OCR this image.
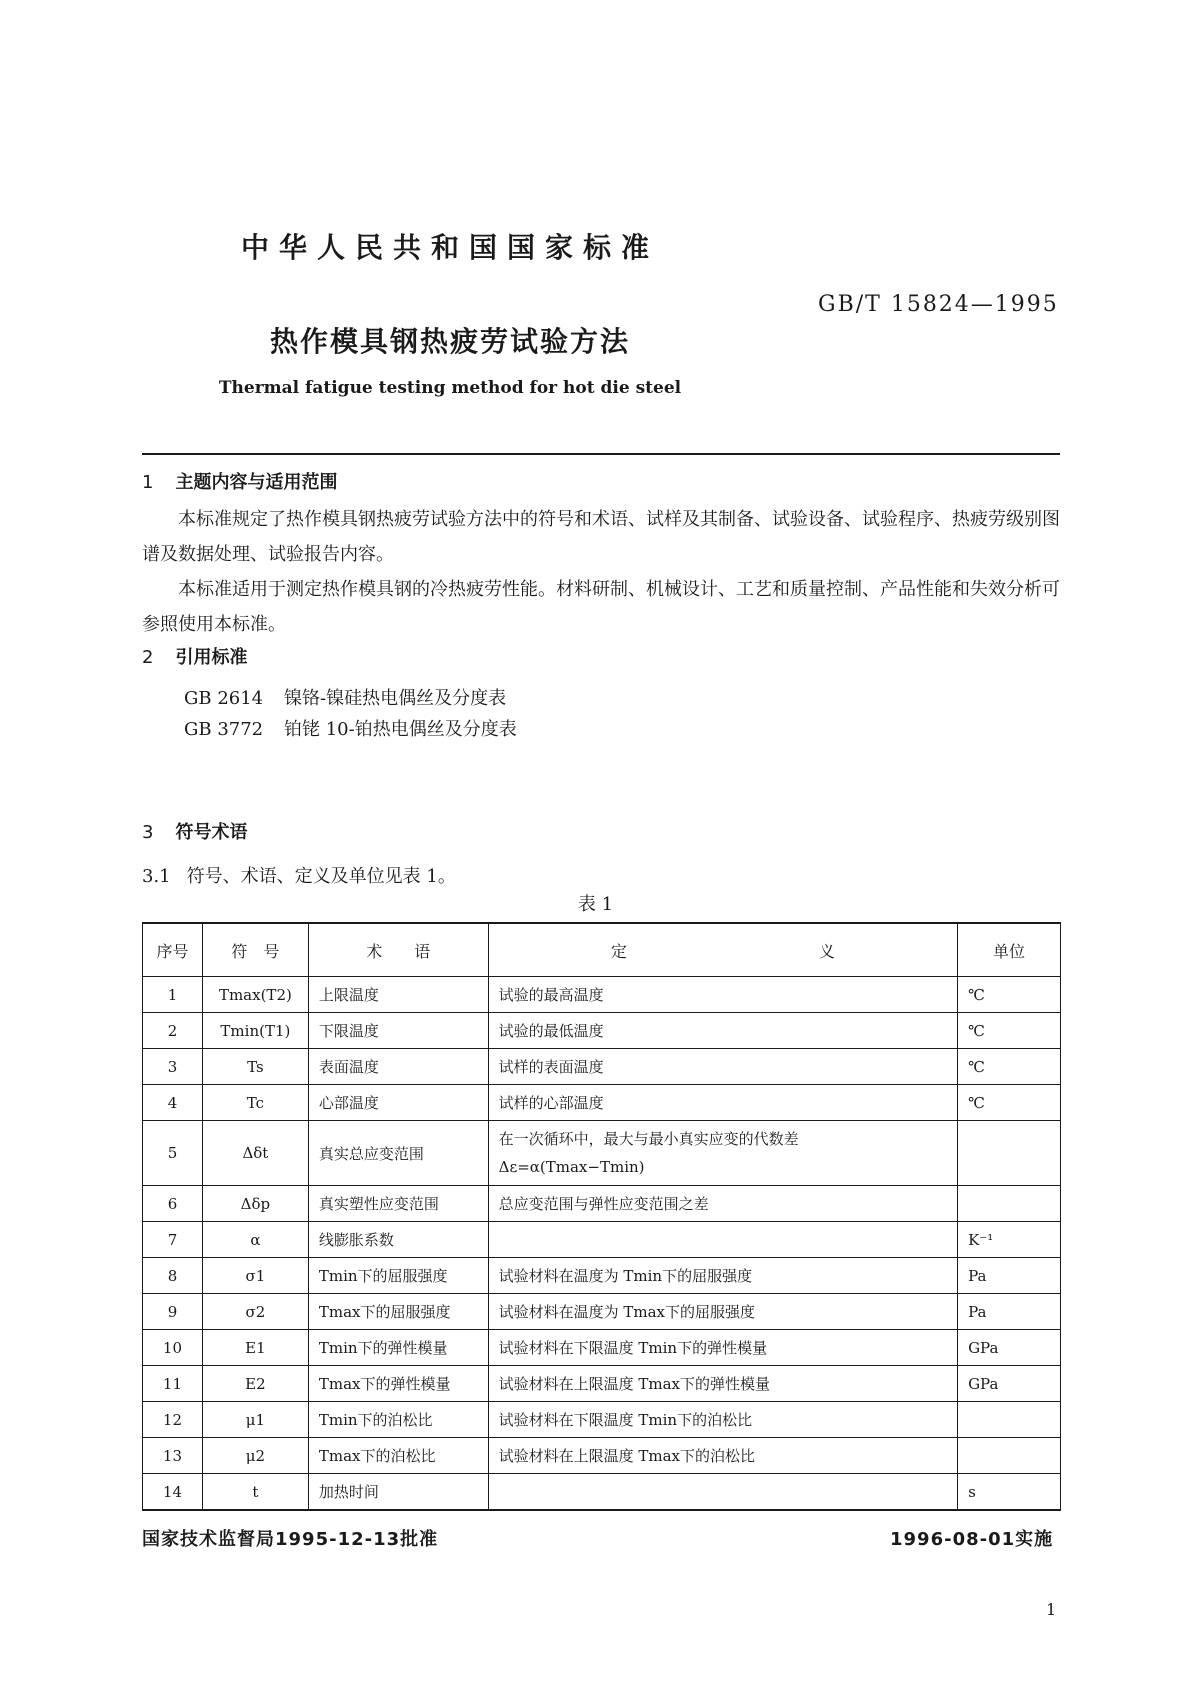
中华人民共和国国家标准
GB/T 15824—1995
热作模具钢热疲劳试验方法
Thermal fatigue testing method for hot die steel
1 主题内容与适用范围
本标准规定了热作模具钢热疲劳试验方法中的符号和术语、试样及其制备、试验设备、试验程序、热疲劳级别图谱及数据处理、试验报告内容。
本标准适用于测定热作模具钢的冷热疲劳性能。材料研制、机械设计、工艺和质量控制、产品性能和失效分析可参照使用本标准。
2 引用标准
GB 2614 镍铬-镍硅热电偶丝及分度表
GB 3772 铂铑 10-铂热电偶丝及分度表
3 符号术语
3.1 符号、术语、定义及单位见表 1。
表 1
序号	符　号	术　　语	定　　　　　　　　　　　　义	单位
1	Tmax(T2)	上限温度	试验的最高温度	℃
2	Tmin(T1)	下限温度	试验的最低温度	℃
3	Ts	表面温度	试样的表面温度	℃
4	Tc	心部温度	试样的心部温度	℃
5	Δδt	真实总应变范围	在一次循环中，最大与最小真实应变的代数差 Δε=α(Tmax−Tmin)	
6	Δδp	真实塑性应变范围	总应变范围与弹性应变范围之差	
7	α	线膨胀系数		K⁻¹
8	σ1	Tmin下的屈服强度	试验材料在温度为 Tmin下的屈服强度	Pa
9	σ2	Tmax下的屈服强度	试验材料在温度为 Tmax下的屈服强度	Pa
10	E1	Tmin下的弹性模量	试验材料在下限温度 Tmin下的弹性模量	GPa
11	E2	Tmax下的弹性模量	试验材料在上限温度 Tmax下的弹性模量	GPa
12	μ1	Tmin下的泊松比	试验材料在下限温度 Tmin下的泊松比	
13	μ2	Tmax下的泊松比	试验材料在上限温度 Tmax下的泊松比	
14	t	加热时间		s
国家技术监督局1995-12-13批准	1996-08-01实施
1
